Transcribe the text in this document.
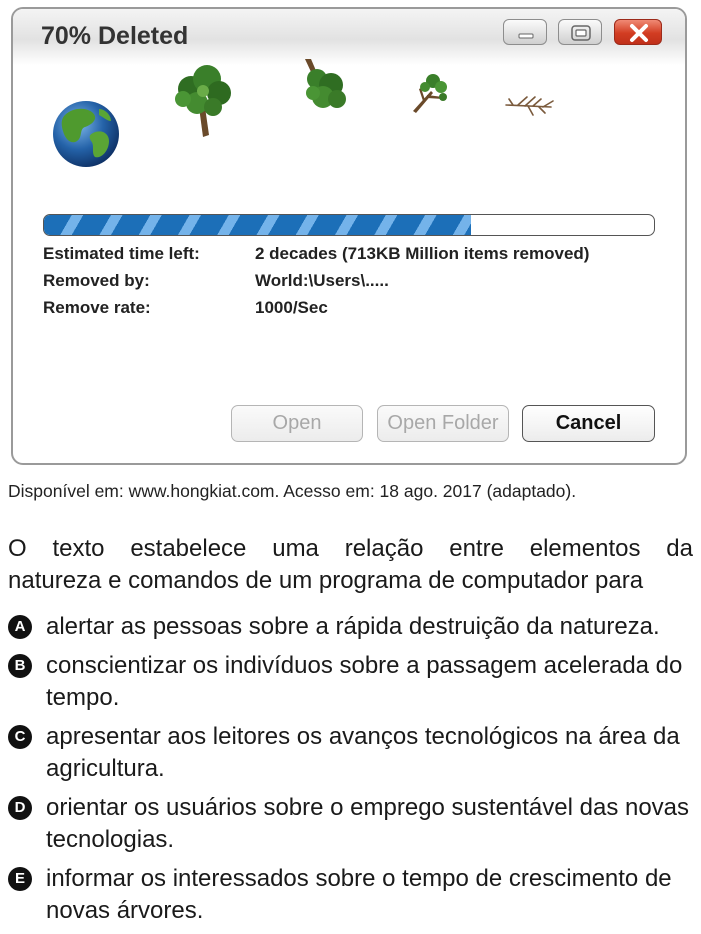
70% Deleted
Estimated time left:	2 decades (713KB Million items removed)
Removed by:	World:\Users\.....
Remove rate:	1000/Sec
Open	Open Folder	Cancel
Disponível em: www.hongkiat.com. Acesso em: 18 ago. 2017 (adaptado).
O texto estabelece uma relação entre elementos da
natureza e comandos de um programa de computador para
A alertar as pessoas sobre a rápida destruição da natureza.
B conscientizar os indivíduos sobre a passagem acelerada do tempo.
C apresentar aos leitores os avanços tecnológicos na área da agricultura.
D orientar os usuários sobre o emprego sustentável das novas tecnologias.
E informar os interessados sobre o tempo de crescimento de novas árvores.
